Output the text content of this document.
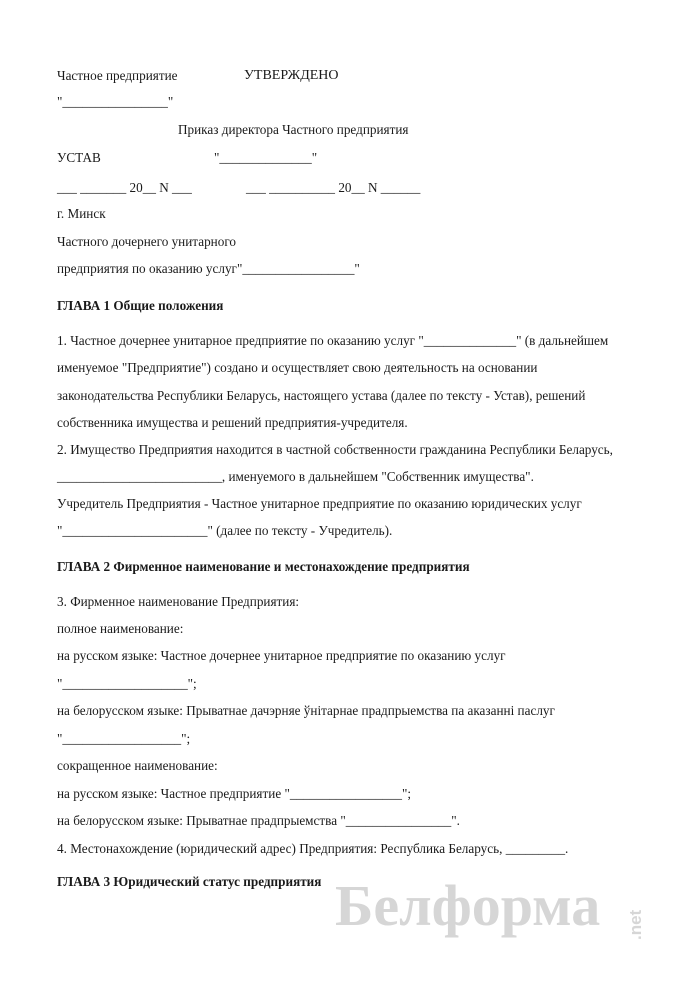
Частное предприятие	УТВЕРЖДЕНО
"________________"
Приказ директора Частного предприятия
УСТАВ	"______________"
___ _______ 20__ N ___	___ __________ 20__ N ______
г. Минск
Частного дочернего унитарного
предприятия по оказанию услуг"_________________"
ГЛАВА 1 Общие положения
1. Частное дочернее унитарное предприятие по оказанию услуг "______________" (в дальнейшем
именуемое "Предприятие") создано и осуществляет свою деятельность на основании
законодательства Республики Беларусь, настоящего устава (далее по тексту - Устав), решений
собственника имущества и решений предприятия-учредителя.
2. Имущество Предприятия находится в частной собственности гражданина Республики Беларусь,
_________________________, именуемого в дальнейшем "Собственник имущества".
Учредитель Предприятия - Частное унитарное предприятие по оказанию юридических услуг
"______________________" (далее по тексту - Учредитель).
ГЛАВА 2 Фирменное наименование и местонахождение предприятия
3. Фирменное наименование Предприятия:
полное наименование:
на русском языке: Частное дочернее унитарное предприятие по оказанию услуг
"___________________";
на белорусском языке: Прыватнае дачэрняе ўнітарнае прадпрыемства па аказанні паслуг
"__________________";
сокращенное наименование:
на русском языке: Частное предприятие "_________________";
на белорусском языке: Прыватнае прадпрыемства "________________".
4. Местонахождение (юридический адрес) Предприятия: Республика Беларусь, _________.
ГЛАВА 3 Юридический статус предприятия Белформа .net
